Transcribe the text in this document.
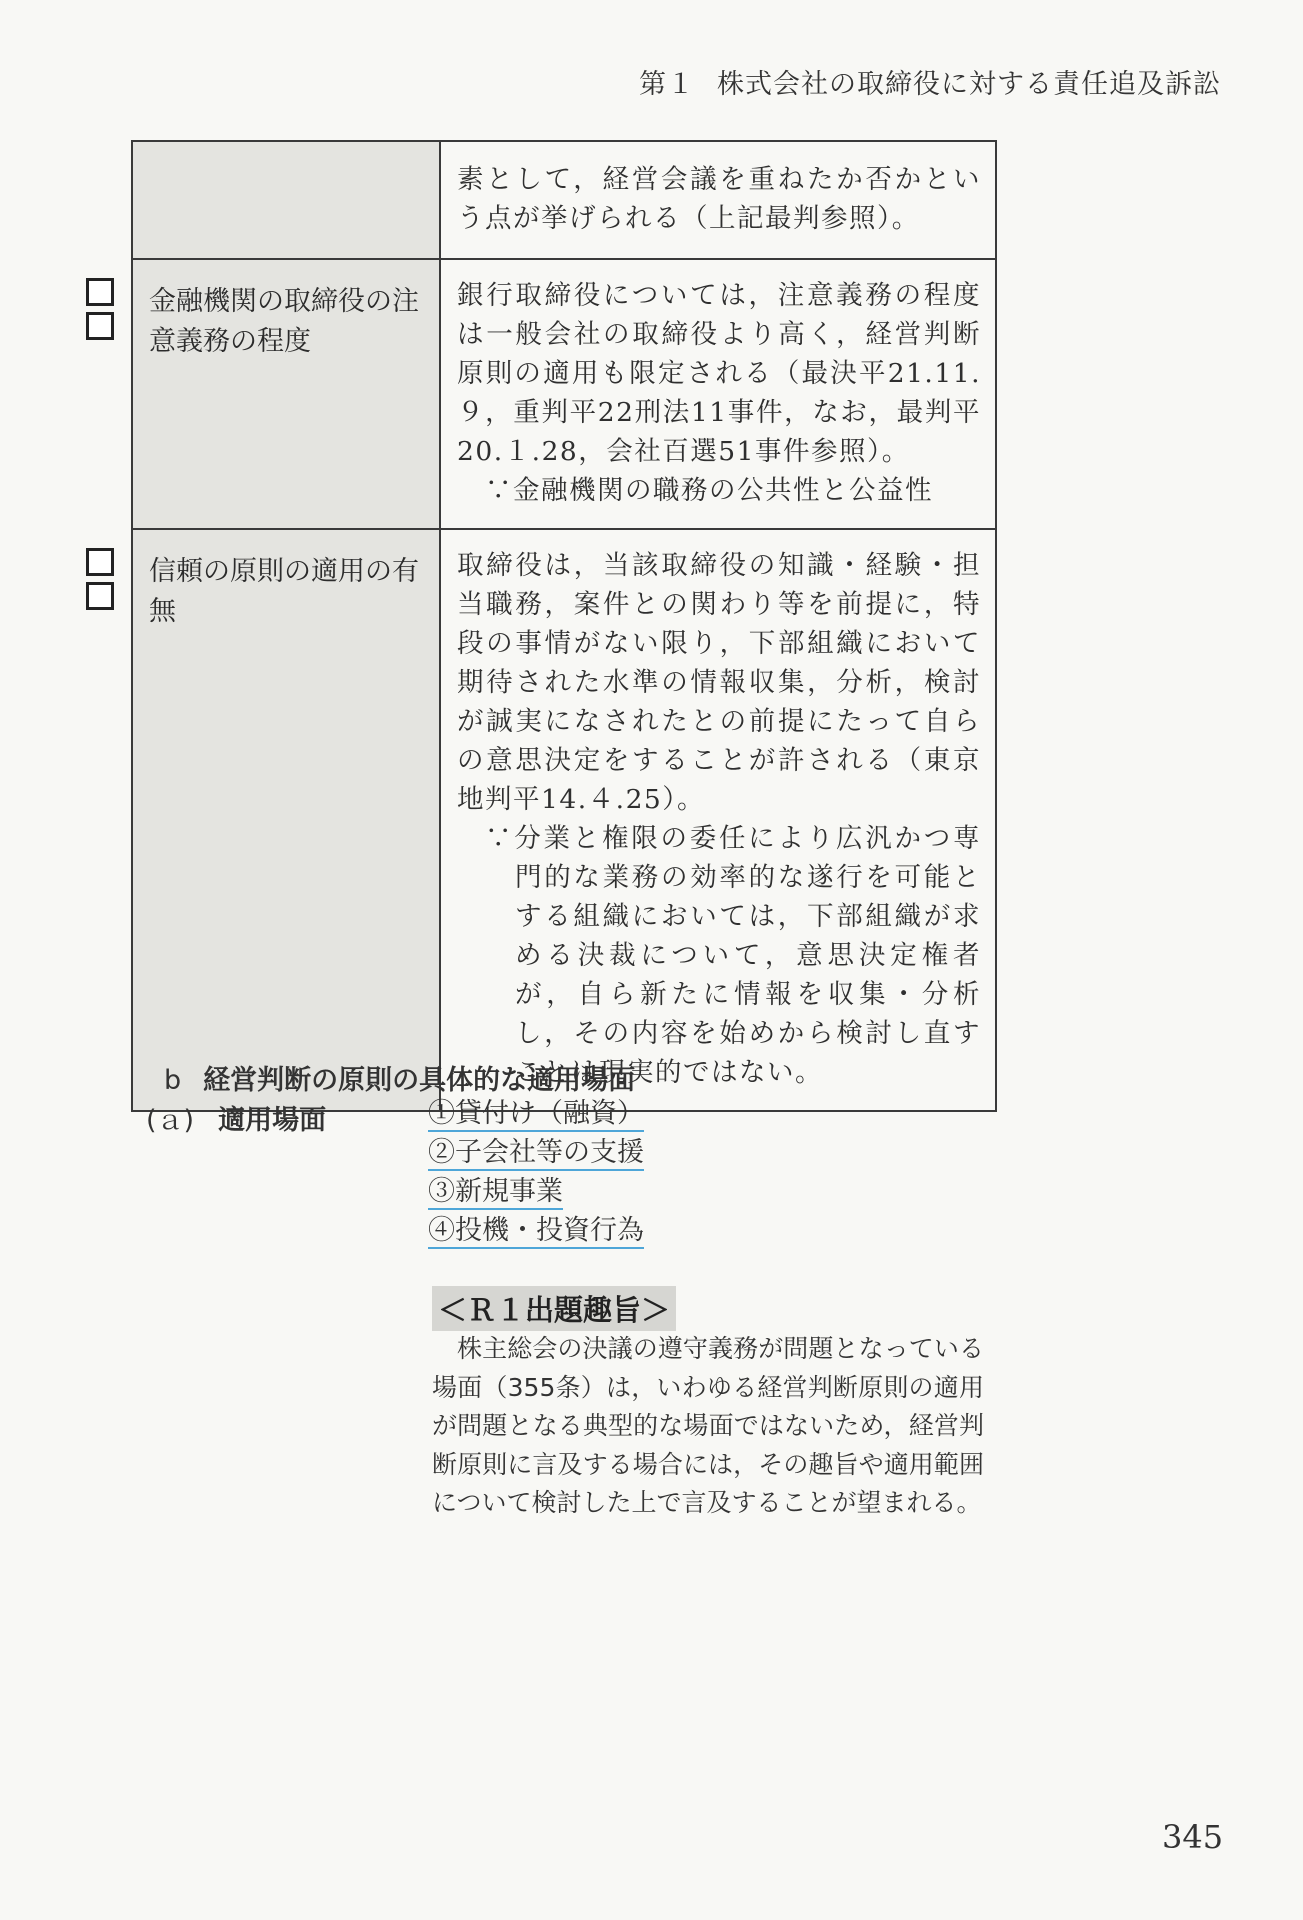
第１ 株式会社の取締役に対する責任追及訴訟

	素として，経営会議を重ねたか否かという点が挙げられる（上記最判参照）。

金融機関の取締役の注意義務の程度	銀行取締役については，注意義務の程度は一般会社の取締役より高く，経営判断原則の適用も限定される（最決平21.11.９，重判平22刑法11事件，なお，最判平20.１.28，会社百選51事件参照）。
∵金融機関の職務の公共性と公益性

信頼の原則の適用の有無	取締役は，当該取締役の知識・経験・担当職務，案件との関わり等を前提に，特段の事情がない限り，下部組織において期待された水準の情報収集，分析，検討が誠実になされたとの前提にたって自らの意思決定をすることが許される（東京地判平14.４.25）。
∵分業と権限の委任により広汎かつ専門的な業務の効率的な遂行を可能とする組織においては，下部組織が求める決裁について，意思決定権者が，自ら新たに情報を収集・分析し，その内容を始めから検討し直すことは現実的ではない。
b 経営判断の原則の具体的な適用場面
(ａ) 適用場面	①貸付け（融資）
②子会社等の支援
③新規事業
④投機・投資行為
＜Ｒ１出題趣旨＞
株主総会の決議の遵守義務が問題となっている場面（355条）は，いわゆる経営判断原則の適用が問題となる典型的な場面ではないため，経営判断原則に言及する場合には，その趣旨や適用範囲について検討した上で言及することが望まれる。
345
